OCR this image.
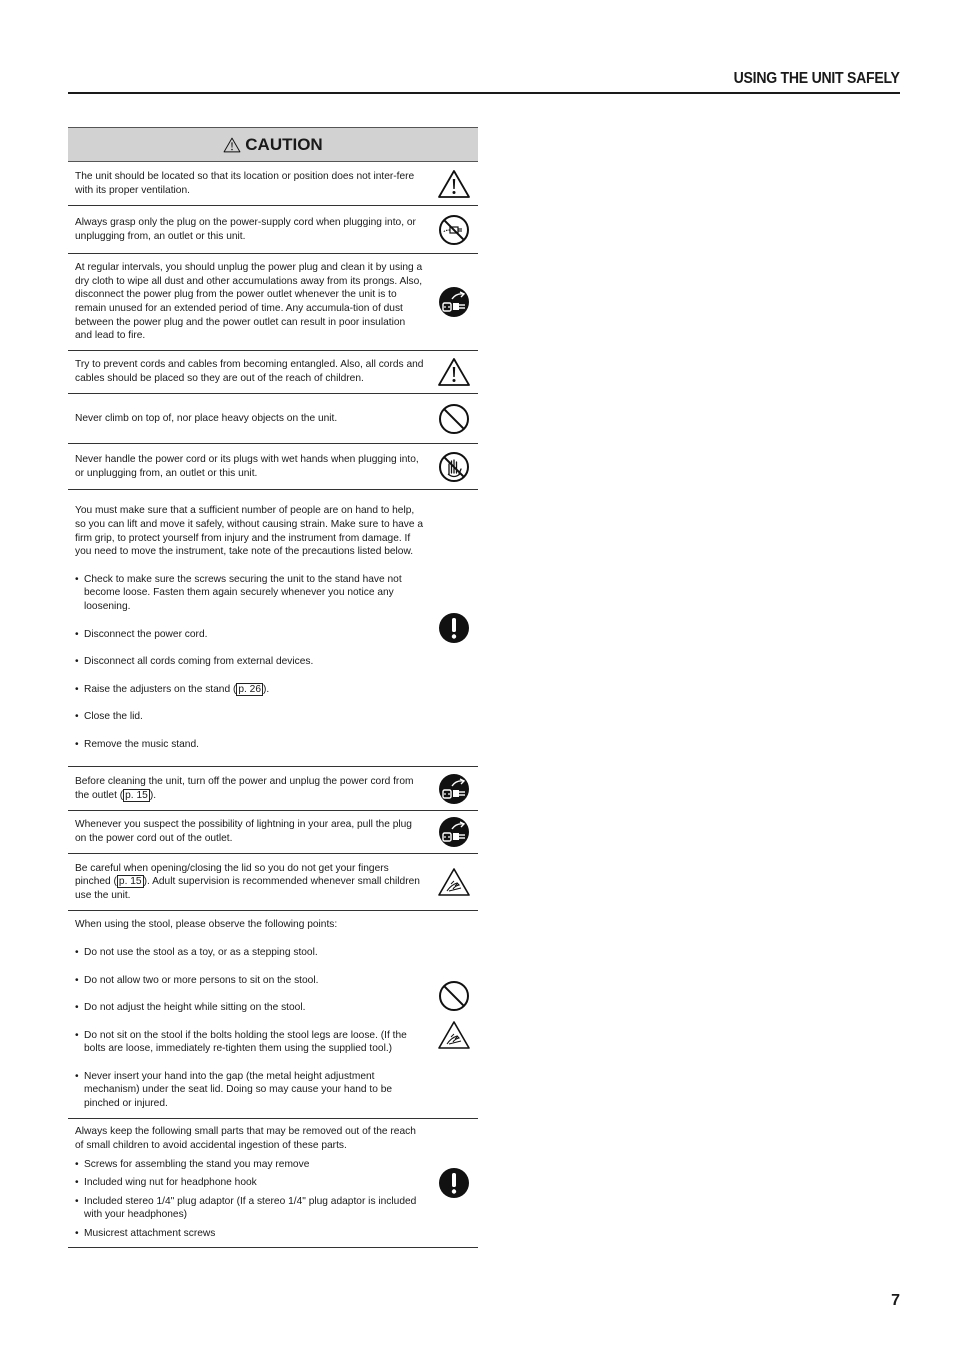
USING THE UNIT SAFELY
CAUTION
The unit should be located so that its location or position does not inter-fere with its proper ventilation.
Always grasp only the plug on the power-supply cord when plugging into, or unplugging from, an outlet or this unit.
At regular intervals, you should unplug the power plug and clean it by using a dry cloth to wipe all dust and other accumulations away from its prongs. Also, disconnect the power plug from the power outlet whenever the unit is to remain unused for an extended period of time. Any accumula-tion of dust between the power plug and the power outlet can result in poor insulation and lead to fire.
Try to prevent cords and cables from becoming entangled. Also, all cords and cables should be placed so they are out of the reach of children.
Never climb on top of, nor place heavy objects on the unit.
Never handle the power cord or its plugs with wet hands when plugging into, or unplugging from, an outlet or this unit.
You must make sure that a sufficient number of people are on hand to help, so you can lift and move it safely, without causing strain. Make sure to have a firm grip, to protect yourself from injury and the instrument from damage. If you need to move the instrument, take note of the precautions listed below.
• Check to make sure the screws securing the unit to the stand have not become loose. Fasten them again securely whenever you notice any loosening.
• Disconnect the power cord.
• Disconnect all cords coming from external devices.
• Raise the adjusters on the stand ( p. 26 ).
• Close the lid.
• Remove the music stand.
Before cleaning the unit, turn off the power and unplug the power cord from the outlet ( p. 15 ).
Whenever you suspect the possibility of lightning in your area, pull the plug on the power cord out of the outlet.
Be careful when opening/closing the lid so you do not get your fingers pinched ( p. 15 ). Adult supervision is recommended whenever small children use the unit.
When using the stool, please observe the following points:
• Do not use the stool as a toy, or as a stepping stool.
• Do not allow two or more persons to sit on the stool.
• Do not adjust the height while sitting on the stool.
• Do not sit on the stool if the bolts holding the stool legs are loose. (If the bolts are loose, immediately re-tighten them using the supplied tool.)
• Never insert your hand into the gap (the metal height adjustment mechanism) under the seat lid. Doing so may cause your hand to be pinched or injured.
Always keep the following small parts that may be removed out of the reach of small children to avoid accidental ingestion of these parts.
• Screws for assembling the stand you may remove
• Included wing nut for headphone hook
• Included stereo 1/4" plug adaptor (If a stereo 1/4" plug adaptor is included with your headphones)
• Musicrest attachment screws
7
